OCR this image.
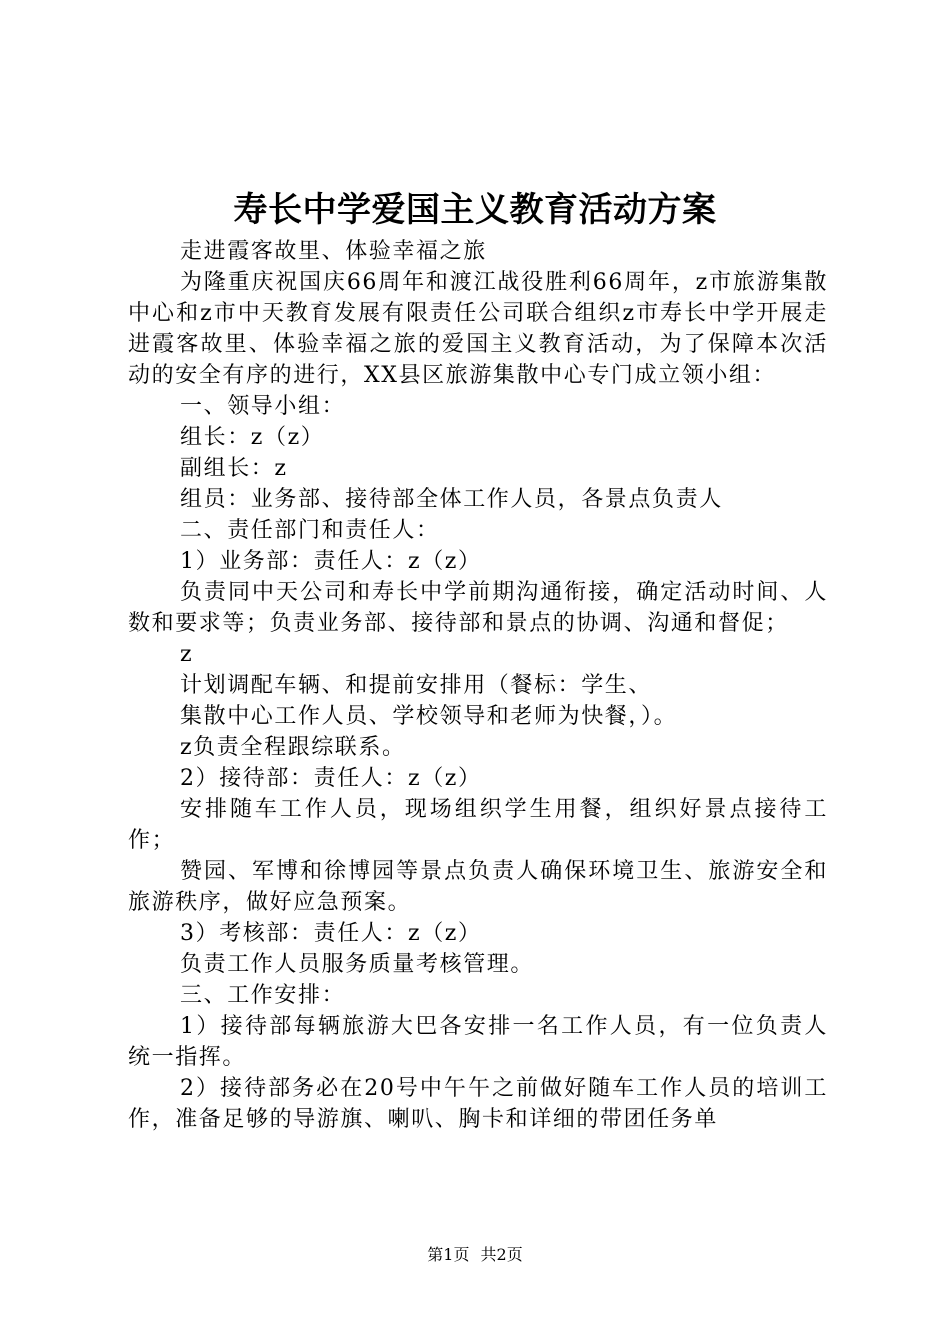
寿长中学爱国主义教育活动方案

走进霞客故里、体验幸福之旅

为隆重庆祝国庆66周年和渡江战役胜利66周年，z市旅游集散中心和z市中天教育发展有限责任公司联合组织z市寿长中学开展走进霞客故里、体验幸福之旅的爱国主义教育活动，为了保障本次活动的安全有序的进行，XX县区旅游集散中心专门成立领小组：

一、领导小组：

组长：z（z）

副组长：z

组员：业务部、接待部全体工作人员，各景点负责人

二、责任部门和责任人：

1）业务部：责任人：z（z）

负责同中天公司和寿长中学前期沟通衔接，确定活动时间、人数和要求等；负责业务部、接待部和景点的协调、沟通和督促；

z

计划调配车辆、和提前安排用（餐标：学生、

集散中心工作人员、学校领导和老师为快餐，）。

z负责全程跟综联系。

2）接待部：责任人：z（z）

安排随车工作人员，现场组织学生用餐，组织好景点接待工作；

赞园、军博和徐博园等景点负责人确保环境卫生、旅游安全和旅游秩序，做好应急预案。

3）考核部：责任人：z（z）

负责工作人员服务质量考核管理。

三、工作安排：

1）接待部每辆旅游大巴各安排一名工作人员，有一位负责人统一指挥。

2）接待部务必在20号中午午之前做好随车工作人员的培训工作，准备足够的导游旗、喇叭、胸卡和详细的带团任务单

第1页 共2页
